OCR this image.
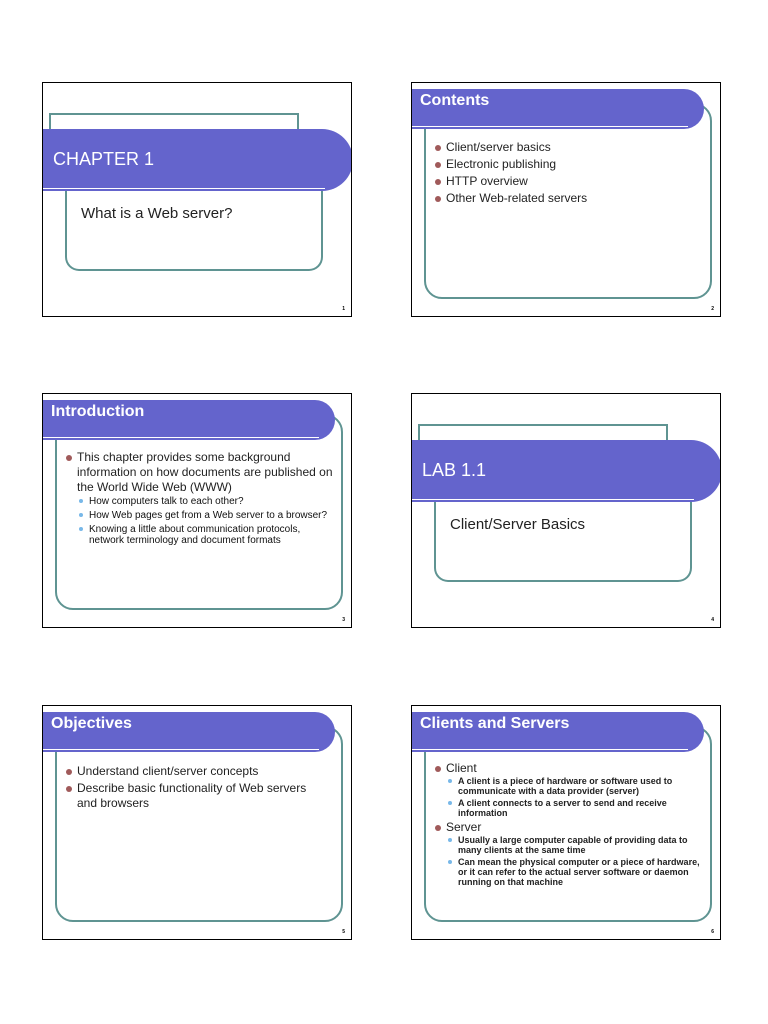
CHAPTER 1
What is a Web server?
1
Contents
Client/server basics
Electronic publishing
HTTP overview
Other Web-related servers
2
Introduction
This chapter provides some background information on how documents are published on the World Wide Web (WWW)
How computers talk to each other?
How Web pages get from a Web server to a browser?
Knowing a little about communication protocols, network terminology and document formats
3
LAB 1.1
Client/Server Basics
4
Objectives
Understand client/server concepts
Describe basic functionality of Web servers and browsers
5
Clients and Servers
Client
A client is a piece of hardware or software used to communicate with a data provider (server)
A client connects to a server to send and receive information
Server
Usually a large computer capable of providing data to many clients at the same time
Can mean the physical computer or a piece of hardware, or it can refer to the actual server software or daemon running on that machine
6
